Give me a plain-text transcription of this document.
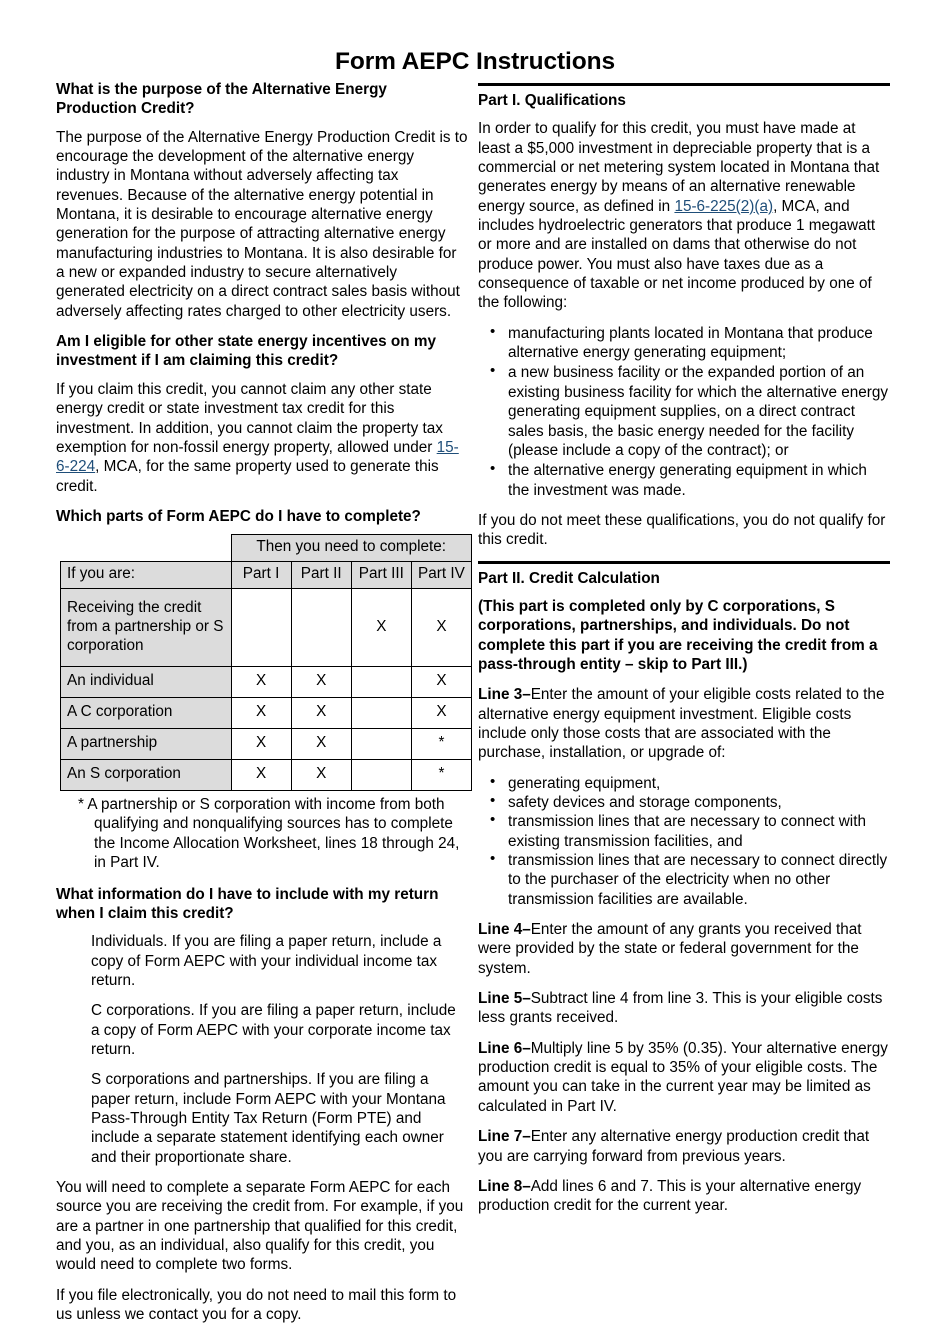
Form AEPC Instructions
What is the purpose of the Alternative Energy Production Credit?

The purpose of the Alternative Energy Production Credit is to encourage the development of the alternative energy industry in Montana without adversely affecting tax revenues. Because of the alternative energy potential in Montana, it is desirable to encourage alternative energy generation for the purpose of attracting alternative energy manufacturing industries to Montana. It is also desirable for a new or expanded industry to secure alternatively generated electricity on a direct contract sales basis without adversely affecting rates charged to other electricity users.

Am I eligible for other state energy incentives on my investment if I am claiming this credit?

If you claim this credit, you cannot claim any other state energy credit or state investment tax credit for this investment. In addition, you cannot claim the property tax exemption for non-fossil energy property, allowed under 15-6-224, MCA, for the same property used to generate this credit.

Which parts of Form AEPC do I have to complete?
	Then you need to complete:			
If you are:	Part I	Part II	Part III	Part IV
Receiving the credit from a partnership or S corporation			X	X
An individual	X	X		X
A C corporation	X	X		X
A partnership	X	X		*
An S corporation	X	X		*
* A partnership or S corporation with income from both qualifying and nonqualifying sources has to complete the Income Allocation Worksheet, lines 18 through 24, in Part IV.
What information do I have to include with my return when I claim this credit?
Individuals. If you are filing a paper return, include a copy of Form AEPC with your individual income tax return.
C corporations. If you are filing a paper return, include a copy of Form AEPC with your corporate income tax return.
S corporations and partnerships. If you are filing a paper return, include Form AEPC with your Montana Pass-Through Entity Tax Return (Form PTE) and include a separate statement identifying each owner and their proportionate share.

You will need to complete a separate Form AEPC for each source you are receiving the credit from. For example, if you are a partner in one partnership that qualified for this credit, and you, as an individual, also qualify for this credit, you would need to complete two forms.

If you file electronically, you do not need to mail this form to us unless we contact you for a copy.

Part I. Qualifications

In order to qualify for this credit, you must have made at least a $5,000 investment in depreciable property that is a commercial or net metering system located in Montana that generates energy by means of an alternative renewable energy source, as defined in 15-6-225(2)(a), MCA, and includes hydroelectric generators that produce 1 megawatt or more and are installed on dams that otherwise do not produce power. You must also have taxes due as a consequence of taxable or net income produced by one of the following:

• manufacturing plants located in Montana that produce alternative energy generating equipment;
• a new business facility or the expanded portion of an existing business facility for which the alternative energy generating equipment supplies, on a direct contract sales basis, the basic energy needed for the facility (please include a copy of the contract); or
• the alternative energy generating equipment in which the investment was made.

If you do not meet these qualifications, you do not qualify for this credit.

Part II. Credit Calculation

(This part is completed only by C corporations, S corporations, partnerships, and individuals. Do not complete this part if you are receiving the credit from a pass-through entity – skip to Part III.)

Line 3–Enter the amount of your eligible costs related to the alternative energy equipment investment. Eligible costs include only those costs that are associated with the purchase, installation, or upgrade of:

• generating equipment,
• safety devices and storage components,
• transmission lines that are necessary to connect with existing transmission facilities, and
• transmission lines that are necessary to connect directly to the purchaser of the electricity when no other transmission facilities are available.

Line 4–Enter the amount of any grants you received that were provided by the state or federal government for the system.

Line 5–Subtract line 4 from line 3. This is your eligible costs less grants received.

Line 6–Multiply line 5 by 35% (0.35). Your alternative energy production credit is equal to 35% of your eligible costs. The amount you can take in the current year may be limited as calculated in Part IV.

Line 7–Enter any alternative energy production credit that you are carrying forward from previous years.

Line 8–Add lines 6 and 7. This is your alternative energy production credit for the current year.
